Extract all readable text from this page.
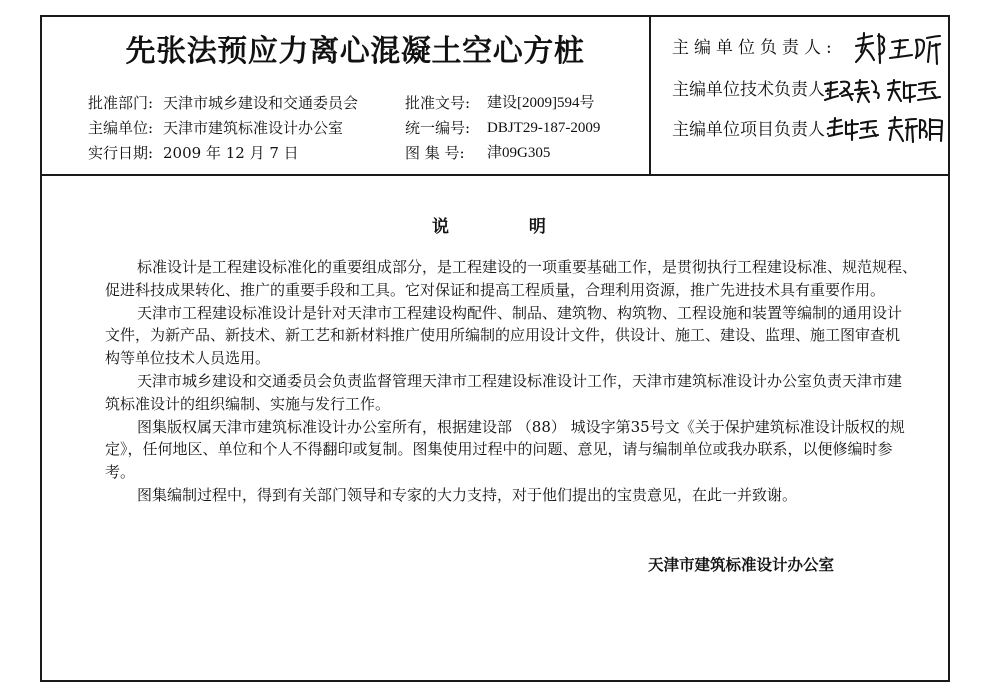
先张法预应力离心混凝土空心方桩
批准部门: 天津市城乡建设和交通委员会	批准文号: 建设[2009]594号
主编单位: 天津市建筑标准设计办公室	统一编号: DBJT29-187-2009
实行日期: 2009 年 12 月 7 日	图 集 号: 津09G305
主编单位负责人:
主编单位技术负责人:
主编单位项目负责人:
说 明
标准设计是工程建设标准化的重要组成部分，是工程建设的一项重要基础工作，是贯彻执行工程建设标准、规范规程、
促进科技成果转化、推广的重要手段和工具。它对保证和提高工程质量，合理利用资源，推广先进技术具有重要作用。
天津市工程建设标准设计是针对天津市工程建设构配件、制品、建筑物、构筑物、工程设施和装置等编制的通用设计
文件，为新产品、新技术、新工艺和新材料推广使用所编制的应用设计文件，供设计、施工、建设、监理、施工图审查机
构等单位技术人员选用。
天津市城乡建设和交通委员会负责监督管理天津市工程建设标准设计工作，天津市建筑标准设计办公室负责天津市建
筑标准设计的组织编制、实施与发行工作。
图集版权属天津市建筑标准设计办公室所有，根据建设部 （88） 城设字第35号文《关于保护建筑标准设计版权的规
定》，任何地区、单位和个人不得翻印或复制。图集使用过程中的问题、意见，请与编制单位或我办联系，以便修编时参
考。
图集编制过程中，得到有关部门领导和专家的大力支持，对于他们提出的宝贵意见，在此一并致谢。
天津市建筑标准设计办公室
